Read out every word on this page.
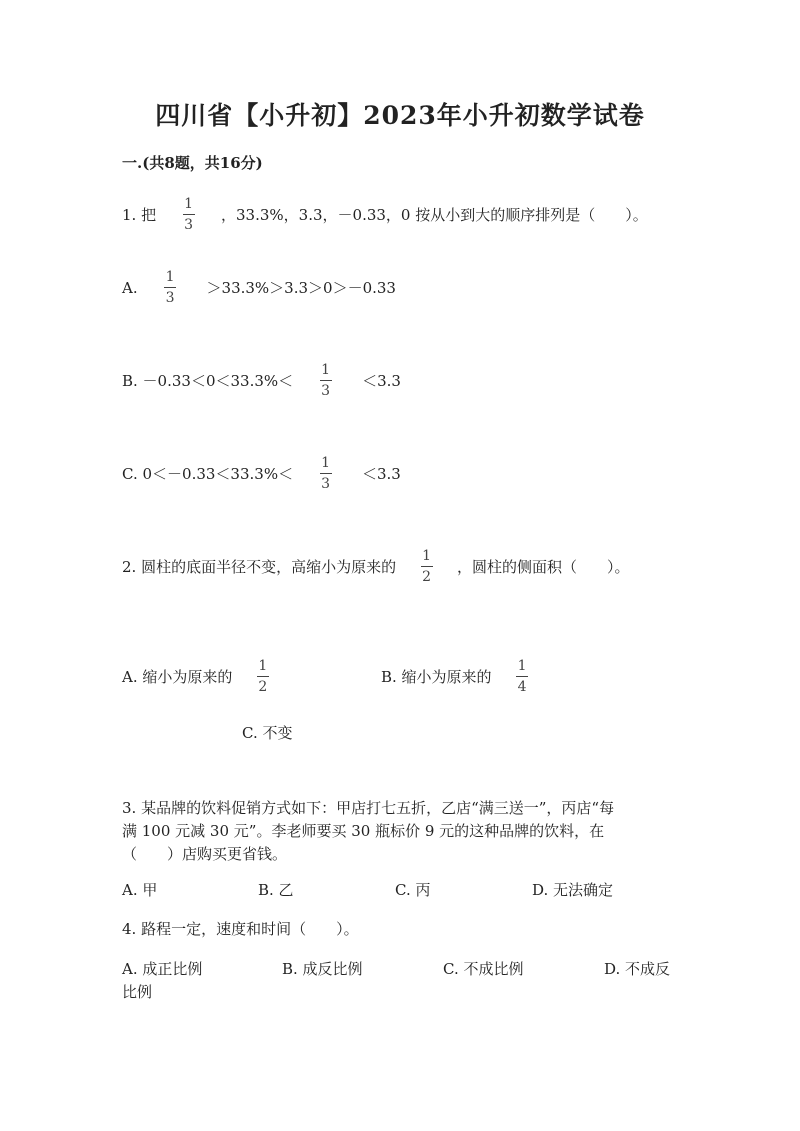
四川省【小升初】2023年小升初数学试卷
一.(共8题，共16分)
1. 把 $\frac{1}{3}$ ，33.3%，3.3，－0.33，0 按从小到大的顺序排列是（　　）。
A. $\frac{1}{3} >33.3\%>3.3>0>-0.33$
B. $-0.33<0<33.3\%< \frac{1}{3} <3.3$
C. $0<-0.33<33.3\%< \frac{1}{3} <3.3$
2. 圆柱的底面半径不变，高缩小为原来的 $\frac{1}{2}$ ，圆柱的侧面积（　　）。
A. 缩小为原来的 $\frac{1}{2}$	B. 缩小为原来的 $\frac{1}{4}$
C. 不变
3. 某品牌的饮料促销方式如下：甲店打七五折，乙店“满三送一”，丙店“每
满 100 元减 30 元”。李老师要买 30 瓶标价 9 元的这种品牌的饮料，在
（　　）店购买更省钱。
A. 甲	B. 乙	C. 丙	D. 无法确定
4. 路程一定，速度和时间（　　）。
A. 成正比例	B. 成反比例	C. 不成比例	D. 不成反
比例
